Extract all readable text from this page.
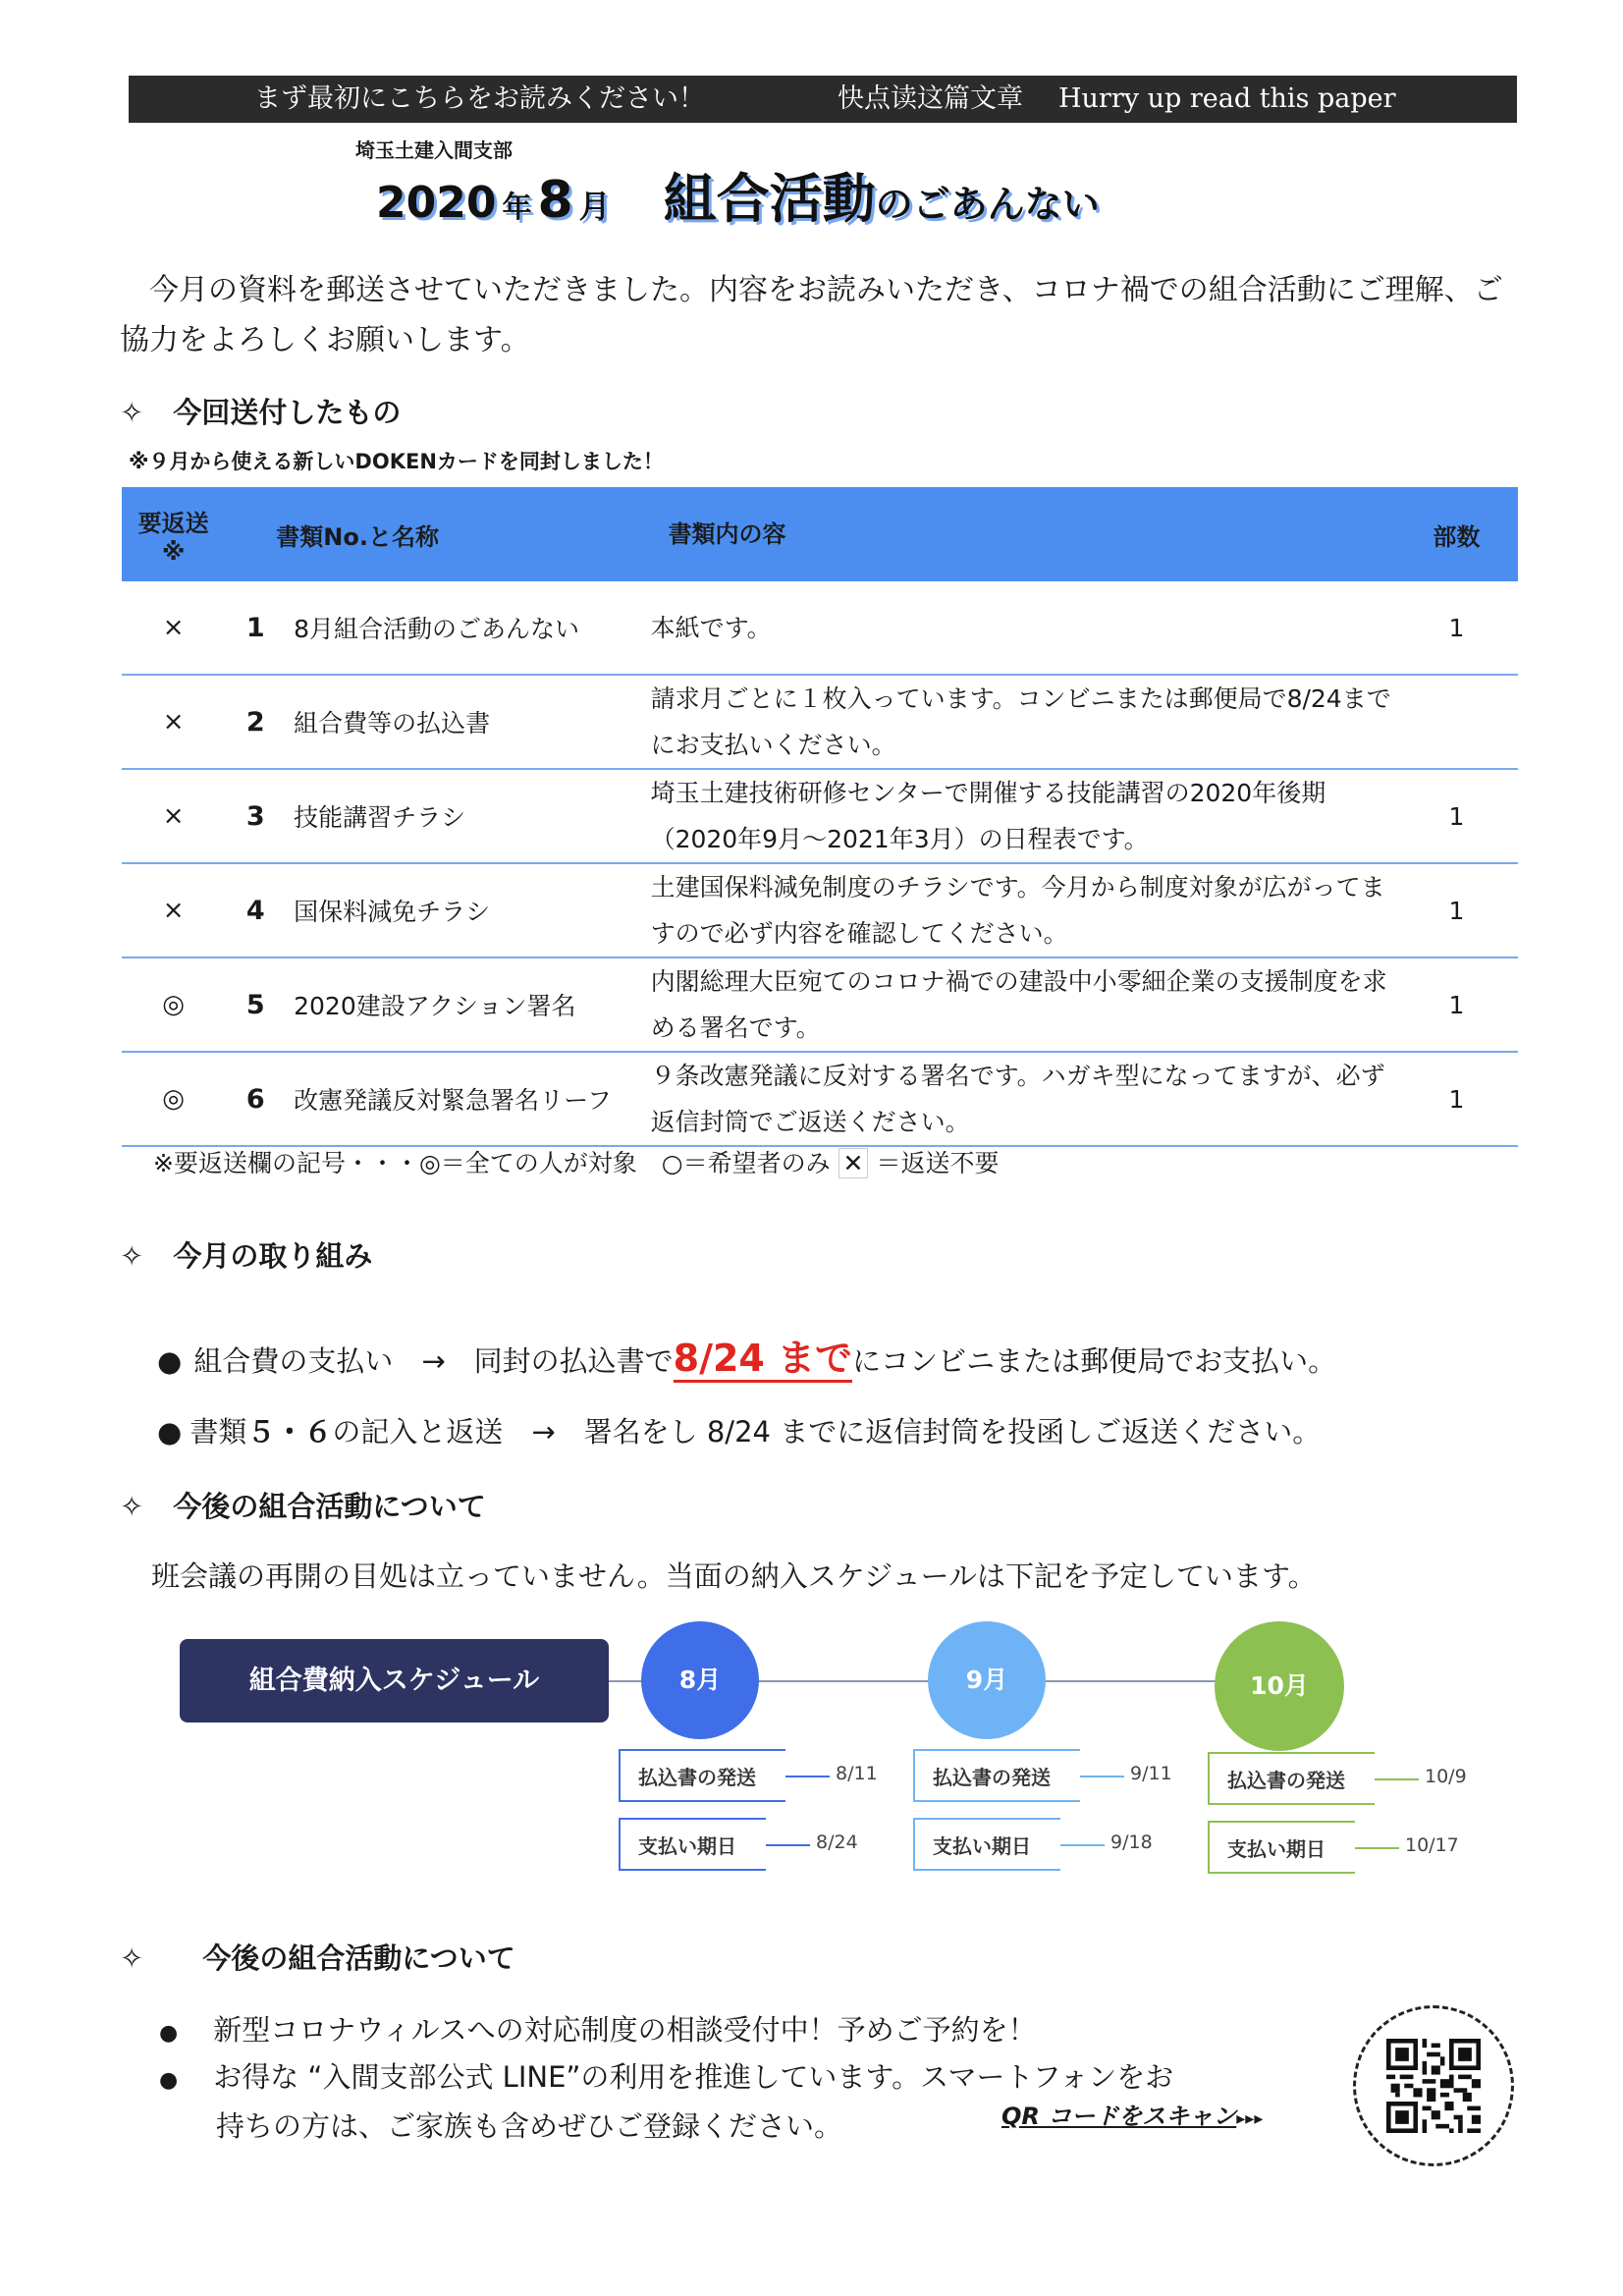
まず最初にこちらをお読みください！	快点读这篇文章 Hurry up read this paper
埼玉土建入間支部
2020 年 8 月 組合活動のごあんない
今月の資料を郵送させていただきました。内容をお読みいただき、コロナ禍での組合活動にご理解、ご協力をよろしくお願いします。
✧ 今回送付したもの
※９月から使える新しいDOKENカードを同封しました！
要返送
※	書類No.と名称		書類内の容	部数
×	1	8月組合活動のごあんない	本紙です。	1
×	2	組合費等の払込書	請求月ごとに１枚入っています。コンビニまたは郵便局で8/24までにお支払いください。	
×	3	技能講習チラシ	埼玉土建技術研修センターで開催する技能講習の2020年後期（2020年9月～2021年3月）の日程表です。	1
×	4	国保料減免チラシ	土建国保料減免制度のチラシです。今月から制度対象が広がってますので必ず内容を確認してください。	1
◎	5	2020建設アクション署名	内閣総理大臣宛てのコロナ禍での建設中小零細企業の支援制度を求める署名です。	1
◎	6	改憲発議反対緊急署名リーフ	９条改憲発議に反対する署名です。ハガキ型になってますが、必ず返信封筒でご返送ください。	1
※要返送欄の記号・・・◎＝全ての人が対象　○＝希望者のみ ✕ ＝返送不要
✧ 今月の取り組み
● 組合費の支払い　→　同封の払込書で8/24 までにコンビニまたは郵便局でお支払い。
● 書類５・６の記入と返送　→　署名をし 8/24 までに返信封筒を投函しご返送ください。
✧ 今後の組合活動について
班会議の再開の目処は立っていません。当面の納入スケジュールは下記を予定しています。
組合費納入スケジュール	8月	9月	10月
払込書の発送	8/11
支払い期日	8/24
払込書の発送	9/11
支払い期日	9/18
払込書の発送	10/9
支払い期日	10/17
✧ 今後の組合活動について
● 新型コロナウィルスへの対応制度の相談受付中！予めご予約を！
● お得な “入間支部公式 LINE”の利用を推進しています。スマートフォンをお
持ちの方は、ご家族も含めぜひご登録ください。	QR コードをスキャン▸▸▸
